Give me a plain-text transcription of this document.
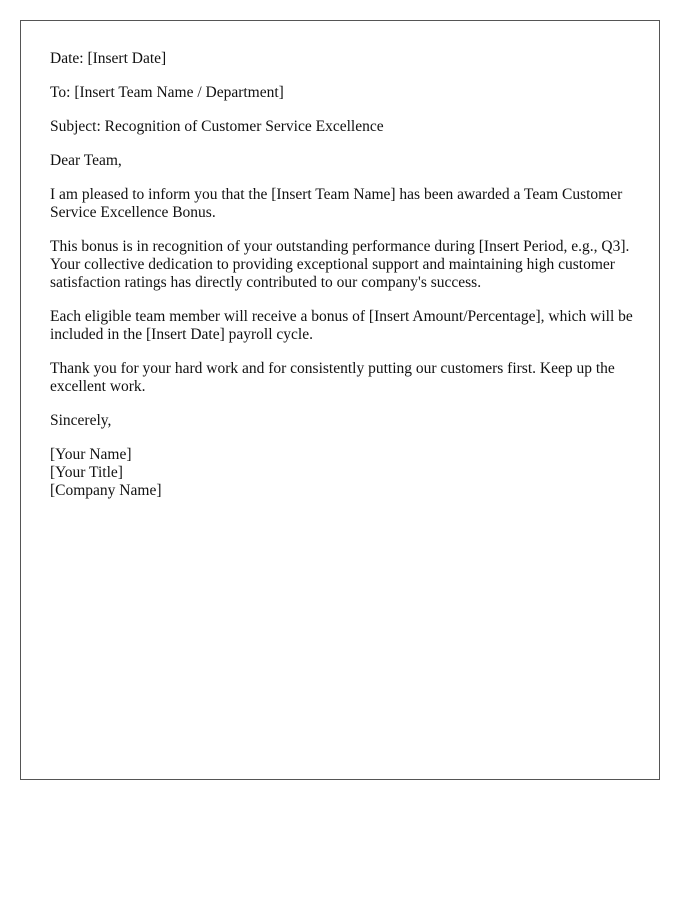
Date: [Insert Date]

To: [Insert Team Name / Department]

Subject: Recognition of Customer Service Excellence

Dear Team,

I am pleased to inform you that the [Insert Team Name] has been awarded a Team Customer Service Excellence Bonus.

This bonus is in recognition of your outstanding performance during [Insert Period, e.g., Q3]. Your collective dedication to providing exceptional support and maintaining high customer satisfaction ratings has directly contributed to our company's success.

Each eligible team member will receive a bonus of [Insert Amount/Percentage], which will be included in the [Insert Date] payroll cycle.

Thank you for your hard work and for consistently putting our customers first. Keep up the excellent work.

Sincerely,

[Your Name]
[Your Title]
[Company Name]
